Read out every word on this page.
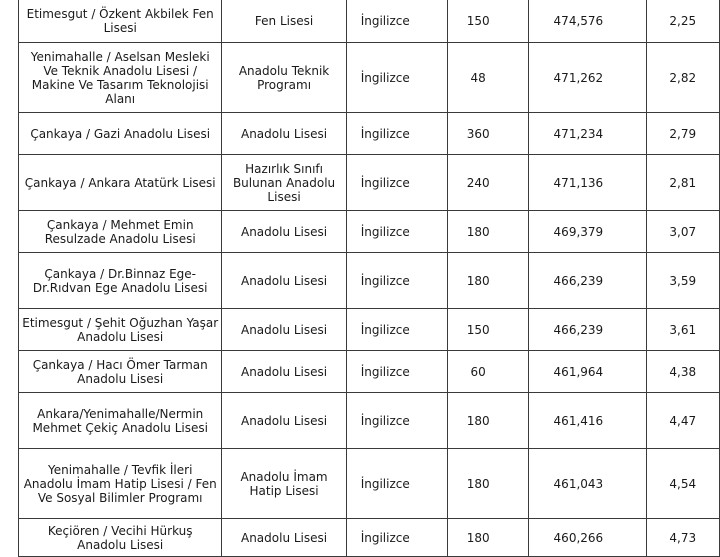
Etimesgut / Özkent Akbilek Fen Lisesi	Fen Lisesi	İngilizce	150	474,576	2,25
Yenimahalle / Aselsan Mesleki Ve Teknik Anadolu Lisesi / Makine Ve Tasarım Teknolojisi Alanı	Anadolu Teknik Programı	İngilizce	48	471,262	2,82
Çankaya / Gazi Anadolu Lisesi	Anadolu Lisesi	İngilizce	360	471,234	2,79
Çankaya / Ankara Atatürk Lisesi	Hazırlık Sınıfı Bulunan Anadolu Lisesi	İngilizce	240	471,136	2,81
Çankaya / Mehmet Emin Resulzade Anadolu Lisesi	Anadolu Lisesi	İngilizce	180	469,379	3,07
Çankaya / Dr.Binnaz Ege-Dr.Rıdvan Ege Anadolu Lisesi	Anadolu Lisesi	İngilizce	180	466,239	3,59
Etimesgut / Şehit Oğuzhan Yaşar Anadolu Lisesi	Anadolu Lisesi	İngilizce	150	466,239	3,61
Çankaya / Hacı Ömer Tarman Anadolu Lisesi	Anadolu Lisesi	İngilizce	60	461,964	4,38
Ankara/Yenimahalle/Nermin Mehmet Çekiç Anadolu Lisesi	Anadolu Lisesi	İngilizce	180	461,416	4,47
Yenimahalle / Tevfik İleri Anadolu İmam Hatip Lisesi / Fen Ve Sosyal Bilimler Programı	Anadolu İmam Hatip Lisesi	İngilizce	180	461,043	4,54
Keçiören / Vecihi Hürkuş Anadolu Lisesi	Anadolu Lisesi	İngilizce	180	460,266	4,73
